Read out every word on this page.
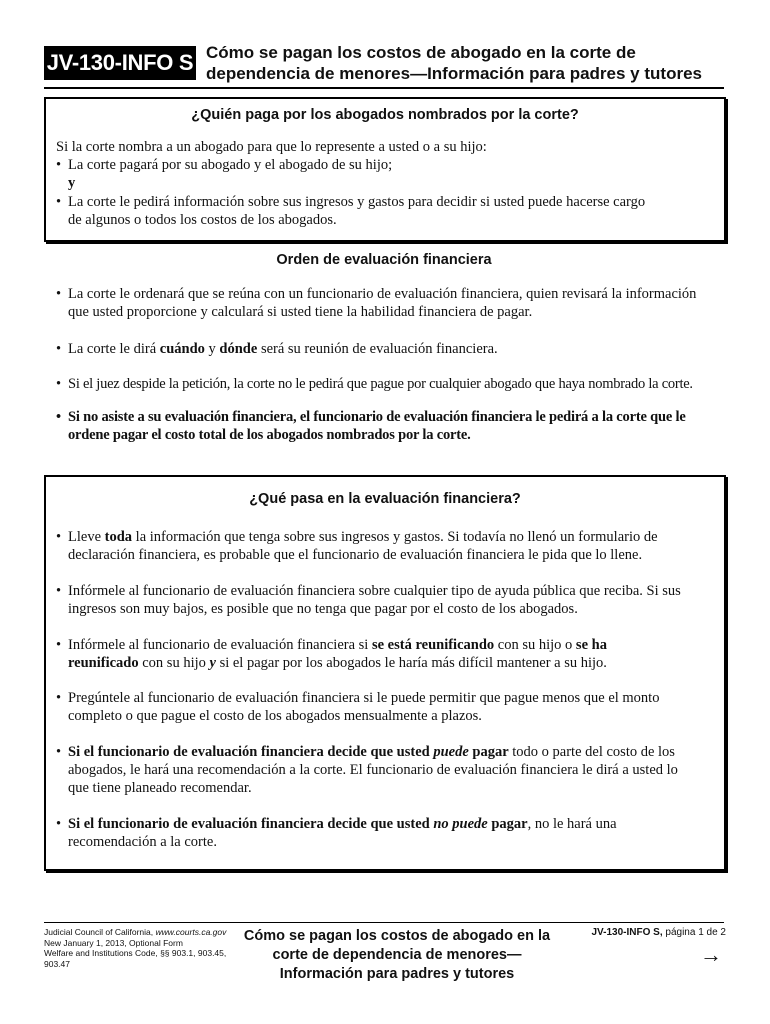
JV-130-INFO S Cómo se pagan los costos de abogado en la corte de
dependencia de menores—Información para padres y tutores
¿Quién paga por los abogados nombrados por la corte?
Si la corte nombra a un abogado para que lo represente a usted o a su hijo:
• La corte pagará por su abogado y el abogado de su hijo;
y
• La corte le pedirá información sobre sus ingresos y gastos para decidir si usted puede hacerse cargo
de algunos o todos los costos de los abogados.
Orden de evaluación financiera
• La corte le ordenará que se reúna con un funcionario de evaluación financiera, quien revisará la información
que usted proporcione y calculará si usted tiene la habilidad financiera de pagar.
• La corte le dirá cuándo y dónde será su reunión de evaluación financiera.
• Si el juez despide la petición, la corte no le pedirá que pague por cualquier abogado que haya nombrado la corte.
• Si no asiste a su evaluación financiera, el funcionario de evaluación financiera le pedirá a la corte que le
ordene pagar el costo total de los abogados nombrados por la corte.
¿Qué pasa en la evaluación financiera?
• Lleve toda la información que tenga sobre sus ingresos y gastos. Si todavía no llenó un formulario de
declaración financiera, es probable que el funcionario de evaluación financiera le pida que lo llene.
• Infórmele al funcionario de evaluación financiera sobre cualquier tipo de ayuda pública que reciba. Si sus
ingresos son muy bajos, es posible que no tenga que pagar por el costo de los abogados.
• Infórmele al funcionario de evaluación financiera si se está reunificando con su hijo o se ha
reunificado con su hijo y si el pagar por los abogados le haría más difícil mantener a su hijo.
• Pregúntele al funcionario de evaluación financiera si le puede permitir que pague menos que el monto
completo o que pague el costo de los abogados mensualmente a plazos.
• Si el funcionario de evaluación financiera decide que usted puede pagar todo o parte del costo de los
abogados, le hará una recomendación a la corte. El funcionario de evaluación financiera le dirá a usted lo
que tiene planeado recomendar.
• Si el funcionario de evaluación financiera decide que usted no puede pagar, no le hará una
recomendación a la corte.
Judicial Council of California, www.courts.ca.gov
New January 1, 2013, Optional Form
Welfare and Institutions Code, §§ 903.1, 903.45,
903.47
Cómo se pagan los costos de abogado en la
corte de dependencia de menores—
Información para padres y tutores
JV-130-INFO S, página 1 de 2
→
